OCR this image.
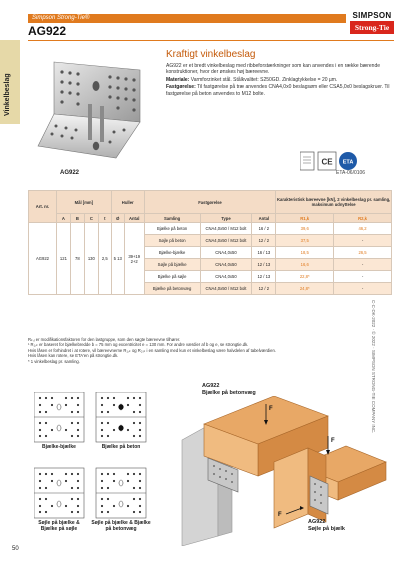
Simpson Strong-Tie®	SIMPSON
Strong-Tie
AG922
Vinkelbeslag
AG922
Kraftigt vinkelbeslag
AG922 er et bredt vinkelbeslag med ribbeforstærkninger som kan anvendes i en række bærende konstruktioner, hvor der ønskes høj bæreevne.
Materiale: Varmforzinket stål. Stålkvalitet: S250GD. Zinklagtykkelse = 20 µm.
Fastgørelse: Til fastgørelse på træ anvendes CNA4,0x0 beslagsøm eller CSA5,0x0 beslagskruer. Til fastgørelse på beton anvendes to M12 bolte.
CE ETA
ETA-06/0106
Art. nr.	Mål [mm]				Huller		Fastgørelse			Karakteristisk bæreevne [kN], 2 vinkelbeslag pr. samling, maksimum udnyttelse	
	A	B	C	t	Ø	Antal	Samling	Type	Antal	R1,k	R2,k
AG922	121	78	130	2,5	5 13	39+19 2+2	Bjælke på beton	CNA4,0x50 / M12 bolt	16 / 2	39,6	46,2
							Søjle på beton	CNA4,0x50 / M12 bolt	12 / 2	37,5	-
							Bjælke-bjælke	CNA4,0x50	16 / 13	18,5	26,5
							Søjle på bjælke	CNA4,0x50	12 / 13	16,6	-
							Bjælke på søjle	CNA4,0x50	12 / 13	22,8*	-
							Bjælke på betonvæg	CNA4,0x50 / M12 bolt	12 / 2	24,8*	-
Rₖ,ᵢ er modifikationsfaktoren for den lastgruppe, som den søgte bæreevne tilhører.
¹ R₁,ₖ er baseret for bjælkebredde b = 75 mm og excentricitet e = 130 mm. For andre værdier af b og e, se strongtie.dk.
Hvis låsen er forhindret i at rotere, vil bæreevnerne R₁,ₖ og R₂,ₖ i en samling med kun et vinkelbeslag være halvdelen af tabelværdien.
Hvis låsen kan rotere, se ETA'en på strongtie.dk.
* 1 vinkelbeslag pr. samling.	C-C-DK-2022 · © 2022 · SIMPSON STRONG-TIE COMPANY INC.
Bjælke-bjælke	Bjælke på beton
Søjle på bjælke & Bjælke på søjle
Søjle på bjælke & Bjælke på betonvæg
AG922
Bjælke på betonvæg
F
F
F
AG922
Søjle på bjælk
50
